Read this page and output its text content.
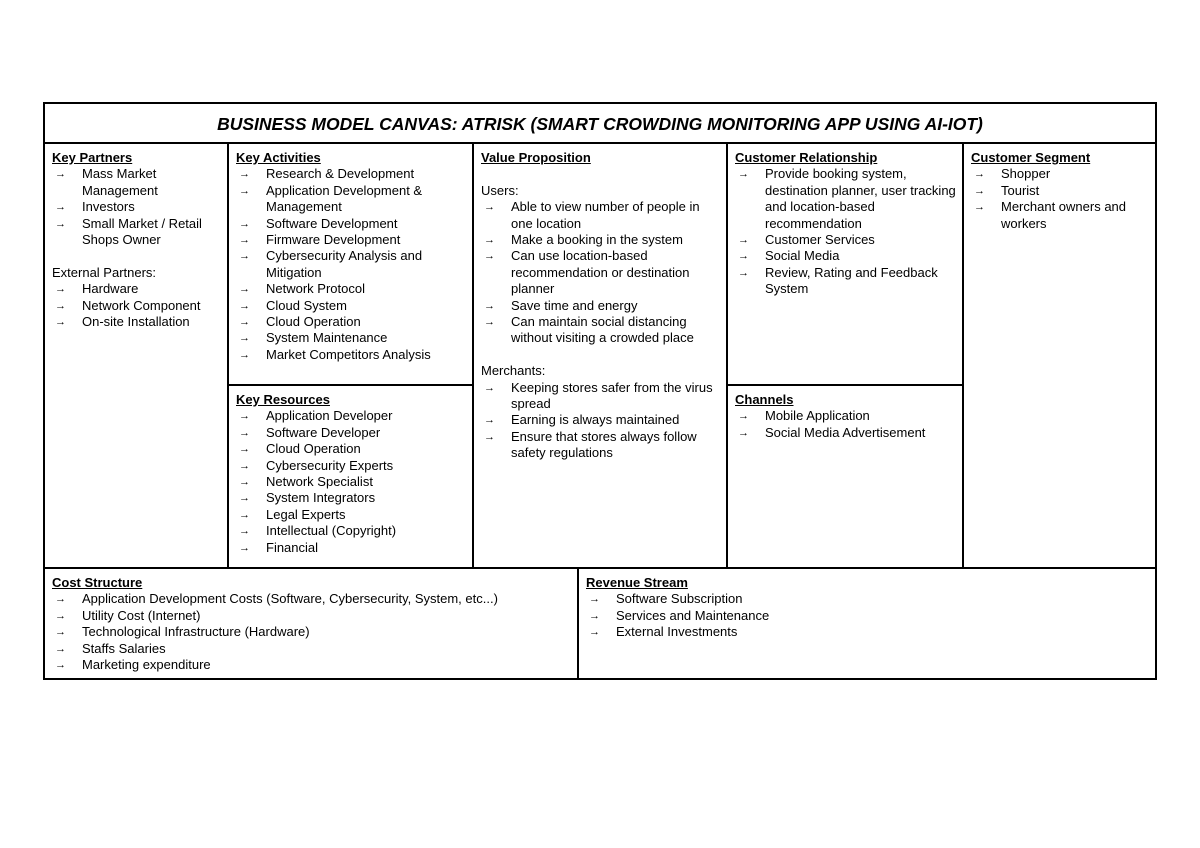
BUSINESS MODEL CANVAS: ATRISK (SMART CROWDING MONITORING APP USING AI-IOT)
Key Partners
→ Mass Market Management
→ Investors
→ Small Market / Retail Shops Owner
External Partners:
→ Hardware
→ Network Component
→ On-site Installation
Key Activities
→ Research & Development
→ Application Development & Management
→ Software Development
→ Firmware Development
→ Cybersecurity Analysis and Mitigation
→ Network Protocol
→ Cloud System
→ Cloud Operation
→ System Maintenance
→ Market Competitors Analysis
Key Resources
→ Application Developer
→ Software Developer
→ Cloud Operation
→ Cybersecurity Experts
→ Network Specialist
→ System Integrators
→ Legal Experts
→ Intellectual (Copyright)
→ Financial
Value Proposition
Users:
→ Able to view number of people in one location
→ Make a booking in the system
→ Can use location-based recommendation or destination planner
→ Save time and energy
→ Can maintain social distancing without visiting a crowded place
Merchants:
→ Keeping stores safer from the virus spread
→ Earning is always maintained
→ Ensure that stores always follow safety regulations
Customer Relationship
→ Provide booking system, destination planner, user tracking and location-based recommendation
→ Customer Services
→ Social Media
→ Review, Rating and Feedback System
Channels
→ Mobile Application
→ Social Media Advertisement
Customer Segment
→ Shopper
→ Tourist
→ Merchant owners and workers
Cost Structure
→ Application Development Costs (Software, Cybersecurity, System, etc...)
→ Utility Cost (Internet)
→ Technological Infrastructure (Hardware)
→ Staffs Salaries
→ Marketing expenditure
Revenue Stream
→ Software Subscription
→ Services and Maintenance
→ External Investments
